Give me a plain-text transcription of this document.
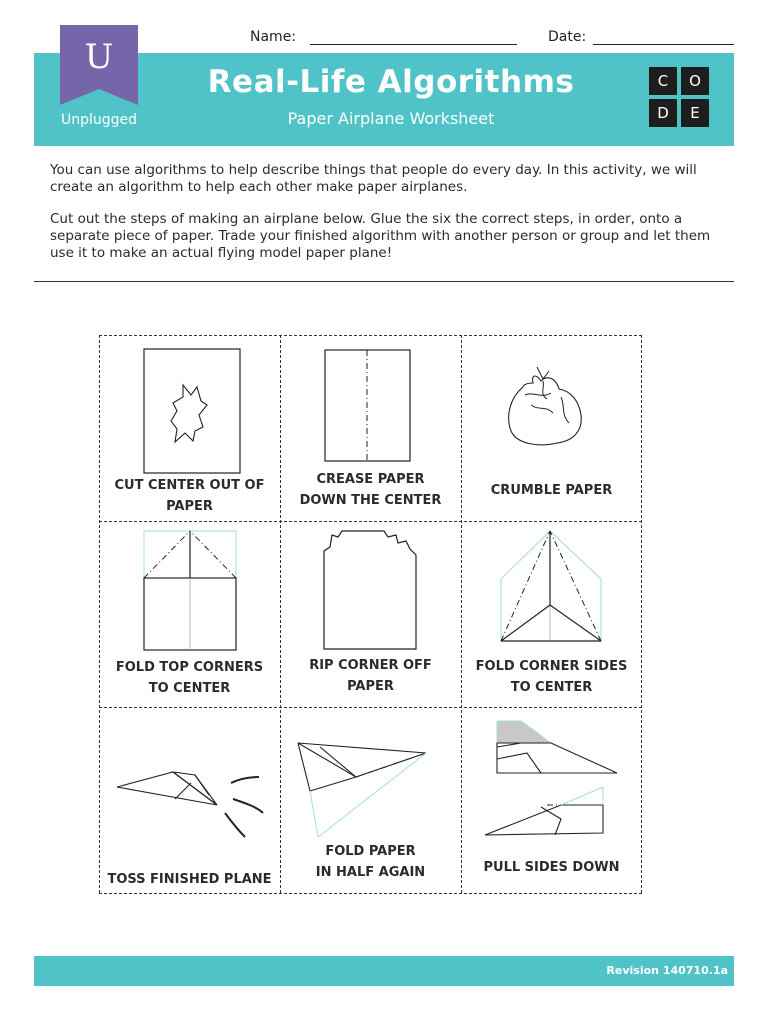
Name:	Date:
U
Unplugged
Real-Life Algorithms
Paper Airplane Worksheet
C	O
D	E

You can use algorithms to help describe things that people do every day. In this activity, we will create an algorithm to help each other make paper airplanes.

Cut out the steps of making an airplane below. Glue the six the correct steps, in order, onto a separate piece of paper. Trade your finished algorithm with another person or group and let them use it to make an actual flying model paper plane!

CUT CENTER OUT OF
PAPER
CREASE PAPER
DOWN THE CENTER
CRUMBLE PAPER
FOLD TOP CORNERS
TO CENTER
RIP CORNER OFF
PAPER
FOLD CORNER SIDES
TO CENTER
TOSS FINISHED PLANE
FOLD PAPER
IN HALF AGAIN	PULL SIDES DOWN
Revision 140710.1a
